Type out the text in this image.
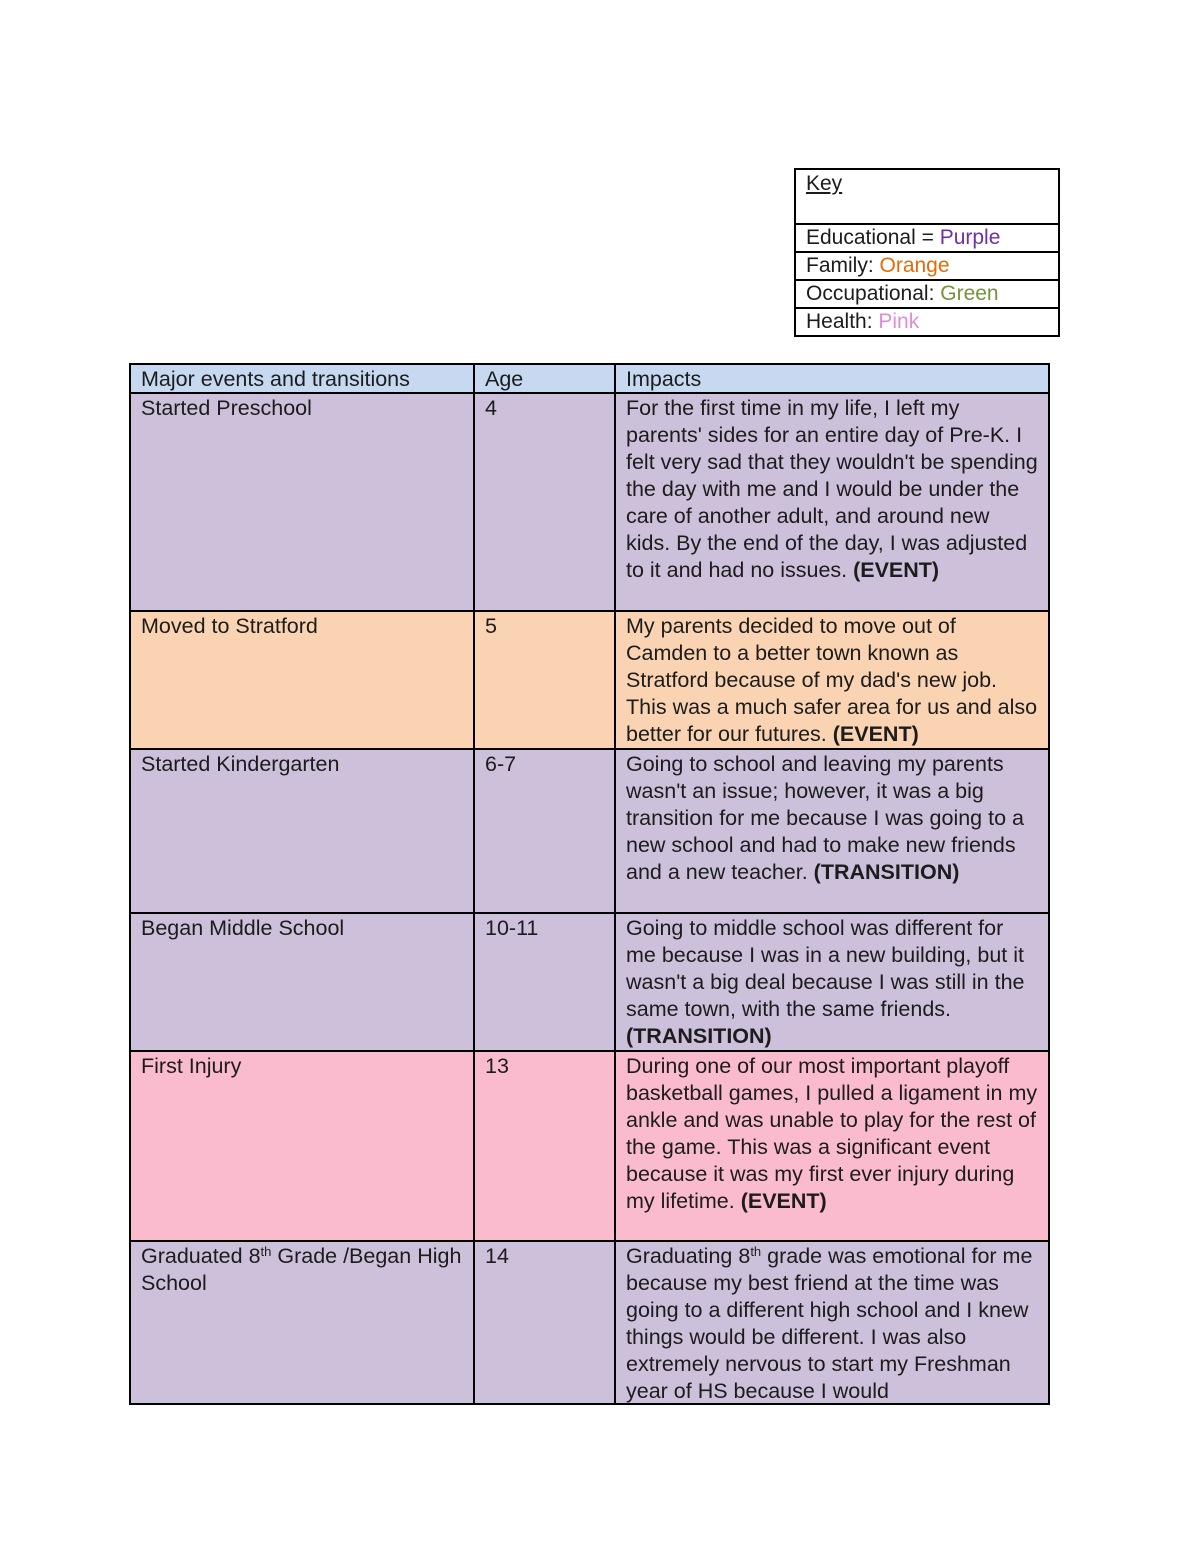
Key
Educational = Purple
Family: Orange
Occupational: Green
Health: Pink
Major events and transitions	Age	Impacts
Started Preschool	4	For the first time in my life, I left my parents' sides for an entire day of Pre-K. I felt very sad that they wouldn't be spending the day with me and I would be under the care of another adult, and around new kids. By the end of the day, I was adjusted to it and had no issues. (EVENT)
Moved to Stratford	5	My parents decided to move out of Camden to a better town known as Stratford because of my dad's new job. This was a much safer area for us and also better for our futures. (EVENT)
Started Kindergarten	6-7	Going to school and leaving my parents wasn't an issue; however, it was a big transition for me because I was going to a new school and had to make new friends and a new teacher. (TRANSITION)
Began Middle School	10-11	Going to middle school was different for me because I was in a new building, but it wasn't a big deal because I was still in the same town, with the same friends. (TRANSITION)
First Injury	13	During one of our most important playoff basketball games, I pulled a ligament in my ankle and was unable to play for the rest of the game. This was a significant event because it was my first ever injury during my lifetime. (EVENT)
Graduated 8th Grade /Began High School	14	Graduating 8th grade was emotional for me because my best friend at the time was going to a different high school and I knew things would be different. I was also extremely nervous to start my Freshman year of HS because I would
